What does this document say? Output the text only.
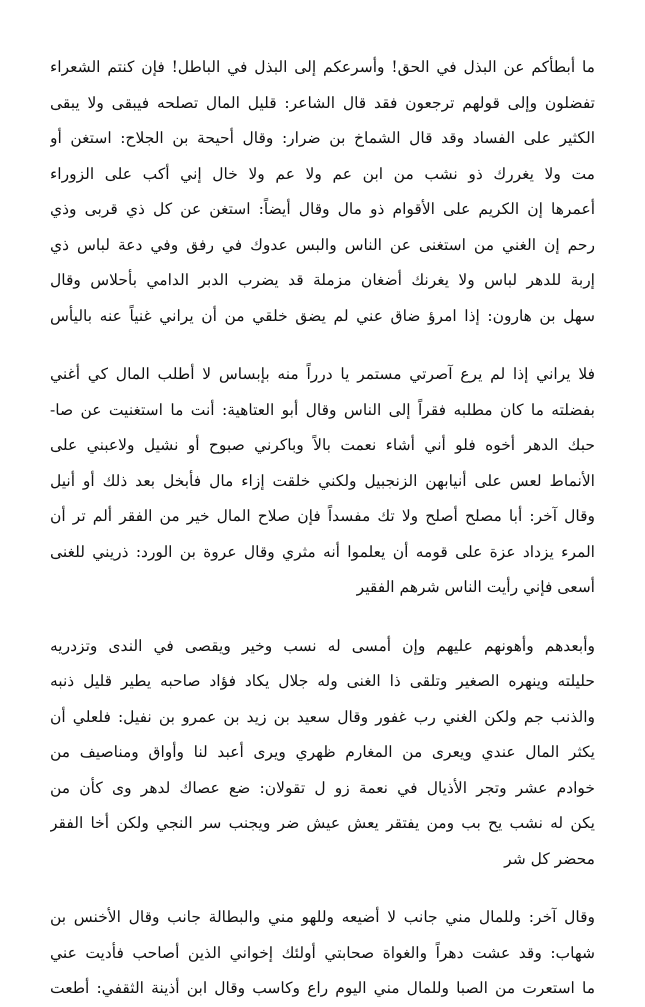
ما أبطأكم عن البذل في الحق! وأسرعكم إلى البذل في الباطل! فإن كنتم الشعراء
تفضلون وإلى قولهم ترجعون فقد قال الشاعر: قليل المال تصلحه فيبقى ولا يبقى
الكثير على الفساد وقد قال الشماخ بن ضرار: وقال أحيحة بن الجلاح: استغن أو
مت ولا يغررك ذو نشب من ابن عم ولا عم ولا خال إني أكب على الزوراء
أعمرها إن الكريم على الأقوام ذو مال وقال أيضاً: استغن عن كل ذي قربى وذي
رحم إن الغني من استغنى عن الناس والبس عدوك في رفق وفي دعة لباس ذي
إربة للدهر لباس ولا يغرنك أضغان مزملة قد يضرب الدبر الدامي بأحلاس وقال
سهل بن هارون: إذا امرؤ ضاق عني لم يضق خلقي من أن يراني غنياً عنه باليأس
فلا يراني إذا لم يرع آصرتي مستمر يا درراً منه بإبساس لا أطلب المال كي أغني
بفضلته ما كان مطلبه فقراً إلى الناس وقال أبو العتاهية: أنت ما استغنيت عن صا-
حبك الدهر أخوه فلو أني أشاء نعمت بالاً وباكرني صبوح أو نشيل ولاعبني على
الأنماط لعس على أنيابهن الزنجبيل ولكني خلقت إزاء مال فأبخل بعد ذلك أو أنيل
وقال آخر: أبا مصلح أصلح ولا تك مفسداً فإن صلاح المال خير من الفقر ألم تر أن
المرء يزداد عزة على قومه أن يعلموا أنه مثري وقال عروة بن الورد: ذريني للغنى
أسعى فإني رأيت الناس شرهم الفقير
وأبعدهم وأهونهم عليهم وإن أمسى له نسب وخير ويقصى في الندى وتزدريه
حليلته وينهره الصغير وتلقى ذا الغنى وله جلال يكاد فؤاد صاحبه يطير قليل ذنبه
والذنب جم ولكن الغني رب غفور وقال سعيد بن زيد بن عمرو بن نفيل: فلعلي أن
يكثر المال عندي ويعرى من المغارم ظهري ويرى أعبد لنا وأواق ومناصيف من
خوادم عشر وتجر الأذيال في نعمة زو ل تقولان: ضع عصاك لدهر وى كأن من
يكن له نشب يح بب ومن يفتقر يعش عيش ضر ويجنب سر النجي ولكن أخا الفقر
محضر كل شر
وقال آخر: وللمال مني جانب لا أضيعه وللهو مني والبطالة جانب وقال الأخنس بن
شهاب: وقد عشت دهراً والغواة صحابتي أولئك إخواني الذين أصاحب فأديت عني
ما استعرت من الصبا وللمال مني اليوم راع وكاسب وقال ابن أذينة الثقفي: أطعت
